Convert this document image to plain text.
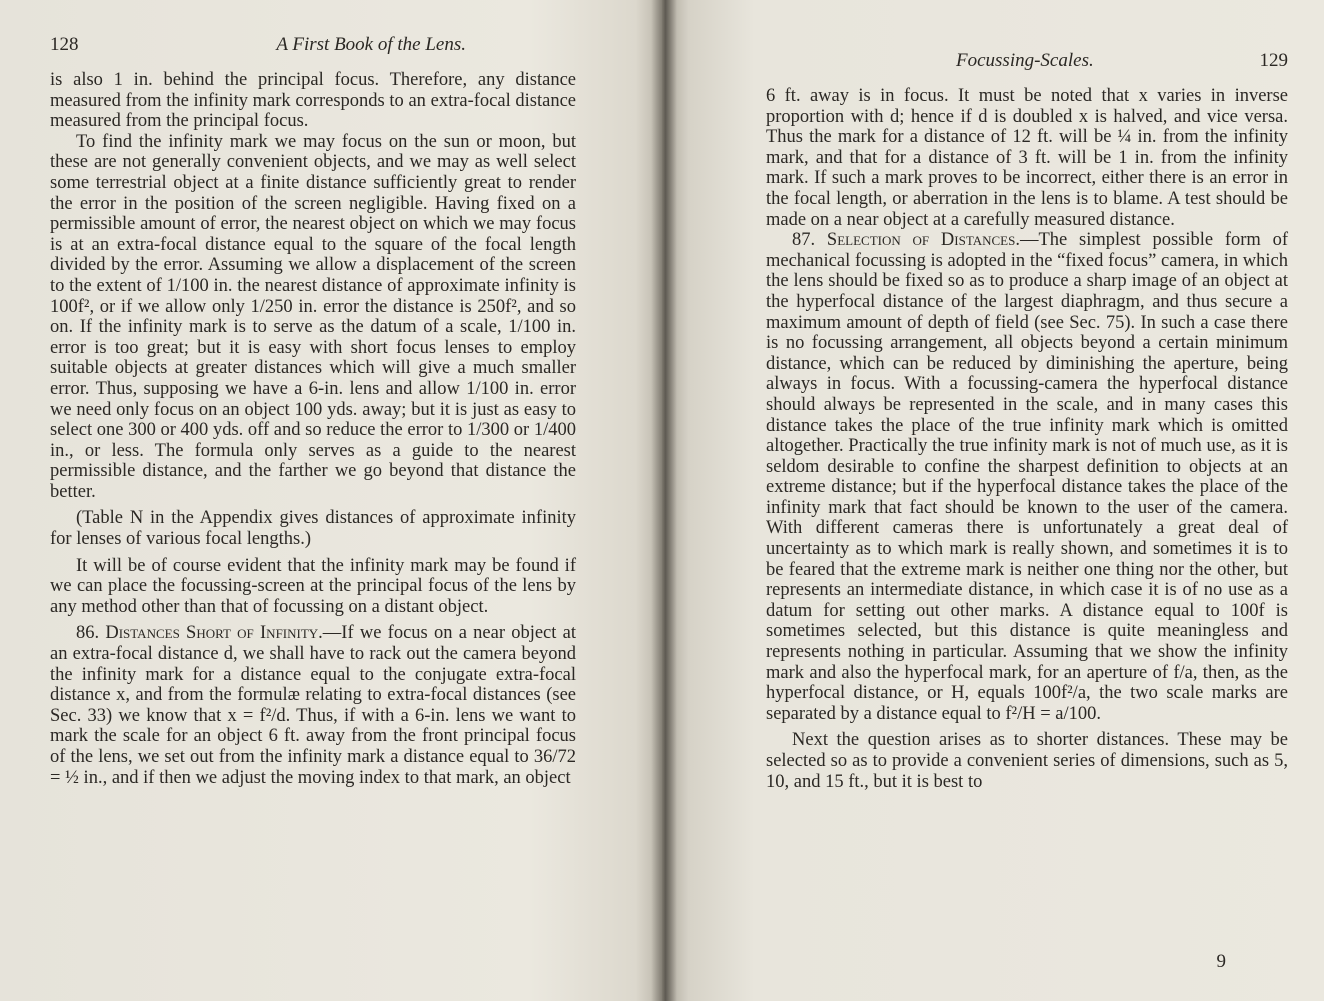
128	A First Book of the Lens.

is also 1 in. behind the principal focus. Therefore, any distance measured from the infinity mark corresponds to an extra-focal distance measured from the principal focus.

To find the infinity mark we may focus on the sun or moon, but these are not generally convenient objects, and we may as well select some terrestrial object at a finite distance sufficiently great to render the error in the position of the screen negligible. Having fixed on a permissible amount of error, the nearest object on which we may focus is at an extra-focal distance equal to the square of the focal length divided by the error. Assuming we allow a displacement of the screen to the extent of 1/100 in. the nearest distance of approximate infinity is 100f², or if we allow only 1/250 in. error the distance is 250f², and so on. If the infinity mark is to serve as the datum of a scale, 1/100 in. error is too great; but it is easy with short focus lenses to employ suitable objects at greater distances which will give a much smaller error. Thus, supposing we have a 6-in. lens and allow 1/100 in. error we need only focus on an object 100 yds. away; but it is just as easy to select one 300 or 400 yds. off and so reduce the error to 1/300 or 1/400 in., or less. The formula only serves as a guide to the nearest permissible distance, and the farther we go beyond that distance the better.

(Table N in the Appendix gives distances of approximate infinity for lenses of various focal lengths.)

It will be of course evident that the infinity mark may be found if we can place the focussing-screen at the principal focus of the lens by any method other than that of focussing on a distant object.

86. Distances Short of Infinity.—If we focus on a near object at an extra-focal distance d, we shall have to rack out the camera beyond the infinity mark for a distance equal to the conjugate extra-focal distance x, and from the formulæ relating to extra-focal distances (see Sec. 33) we know that x = f²/d. Thus, if with a 6-in. lens we want to mark the scale for an object 6 ft. away from the front principal focus of the lens, we set out from the infinity mark a distance equal to 36/72 = ½ in., and if then we adjust the moving index to that mark, an object

Focussing-Scales.	129

6 ft. away is in focus. It must be noted that x varies in inverse proportion with d; hence if d is doubled x is halved, and vice versa. Thus the mark for a distance of 12 ft. will be ¼ in. from the infinity mark, and that for a distance of 3 ft. will be 1 in. from the infinity mark. If such a mark proves to be incorrect, either there is an error in the focal length, or aberration in the lens is to blame. A test should be made on a near object at a carefully measured distance.

87. Selection of Distances.—The simplest possible form of mechanical focussing is adopted in the “fixed focus” camera, in which the lens should be fixed so as to produce a sharp image of an object at the hyperfocal distance of the largest diaphragm, and thus secure a maximum amount of depth of field (see Sec. 75). In such a case there is no focussing arrangement, all objects beyond a certain minimum distance, which can be reduced by diminishing the aperture, being always in focus. With a focussing-camera the hyperfocal distance should always be represented in the scale, and in many cases this distance takes the place of the true infinity mark which is omitted altogether. Practically the true infinity mark is not of much use, as it is seldom desirable to confine the sharpest definition to objects at an extreme distance; but if the hyperfocal distance takes the place of the infinity mark that fact should be known to the user of the camera. With different cameras there is unfortunately a great deal of uncertainty as to which mark is really shown, and sometimes it is to be feared that the extreme mark is neither one thing nor the other, but represents an intermediate distance, in which case it is of no use as a datum for setting out other marks. A distance equal to 100f is sometimes selected, but this distance is quite meaningless and represents nothing in particular. Assuming that we show the infinity mark and also the hyperfocal mark, for an aperture of f/a, then, as the hyperfocal distance, or H, equals 100f²/a, the two scale marks are separated by a distance equal to f²/H = a/100.

Next the question arises as to shorter distances. These may be selected so as to provide a convenient series of dimensions, such as 5, 10, and 15 ft., but it is best to

9
